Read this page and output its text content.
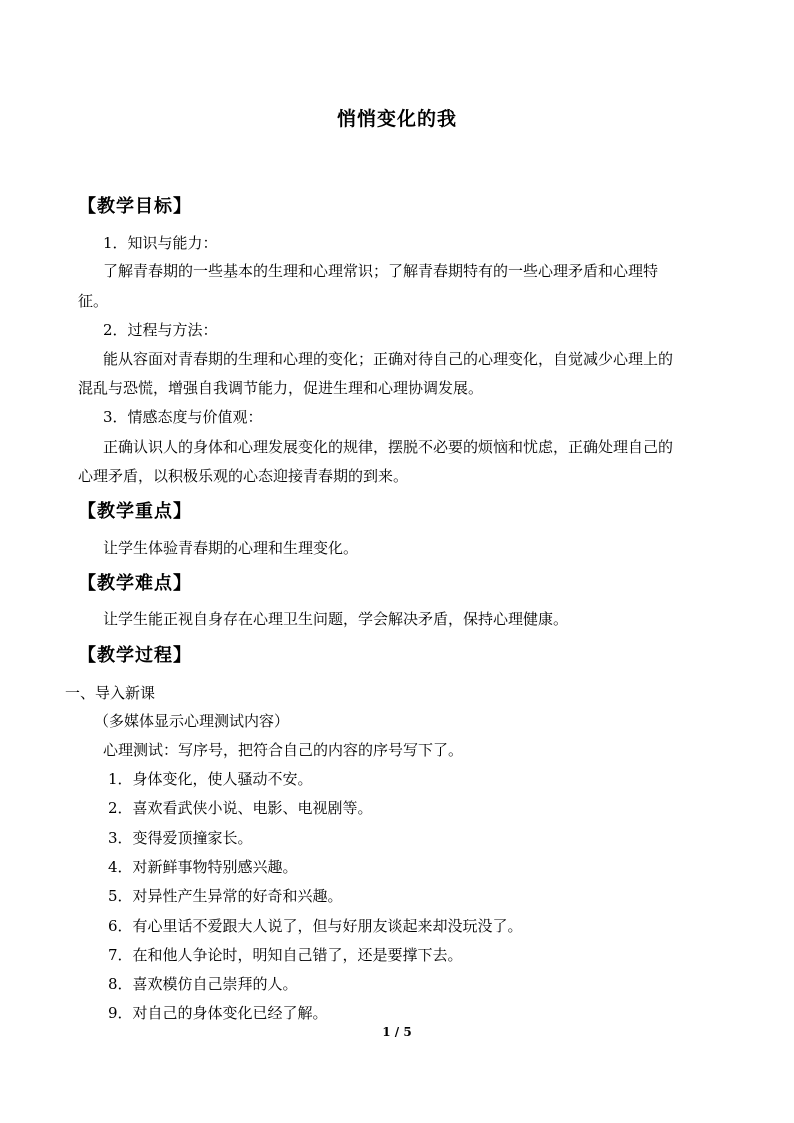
悄悄变化的我
【教学目标】
1．知识与能力：
了解青春期的一些基本的生理和心理常识；了解青春期特有的一些心理矛盾和心理特
征。
2．过程与方法：
能从容面对青春期的生理和心理的变化；正确对待自己的心理变化，自觉减少心理上的
混乱与恐慌，增强自我调节能力，促进生理和心理协调发展。
3．情感态度与价值观：
正确认识人的身体和心理发展变化的规律，摆脱不必要的烦恼和忧虑，正确处理自己的
心理矛盾，以积极乐观的心态迎接青春期的到来。
【教学重点】
让学生体验青春期的心理和生理变化。
【教学难点】
让学生能正视自身存在心理卫生问题，学会解决矛盾，保持心理健康。
【教学过程】
一、导入新课
（多媒体显示心理测试内容）
心理测试：写序号，把符合自己的内容的序号写下了。
1．身体变化，使人骚动不安。
2．喜欢看武侠小说、电影、电视剧等。
3．变得爱顶撞家长。
4．对新鲜事物特别感兴趣。
5．对异性产生异常的好奇和兴趣。
6．有心里话不爱跟大人说了，但与好朋友谈起来却没玩没了。
7．在和他人争论时，明知自己错了，还是要撑下去。
8．喜欢模仿自己崇拜的人。
9．对自己的身体变化已经了解。
1 / 5
